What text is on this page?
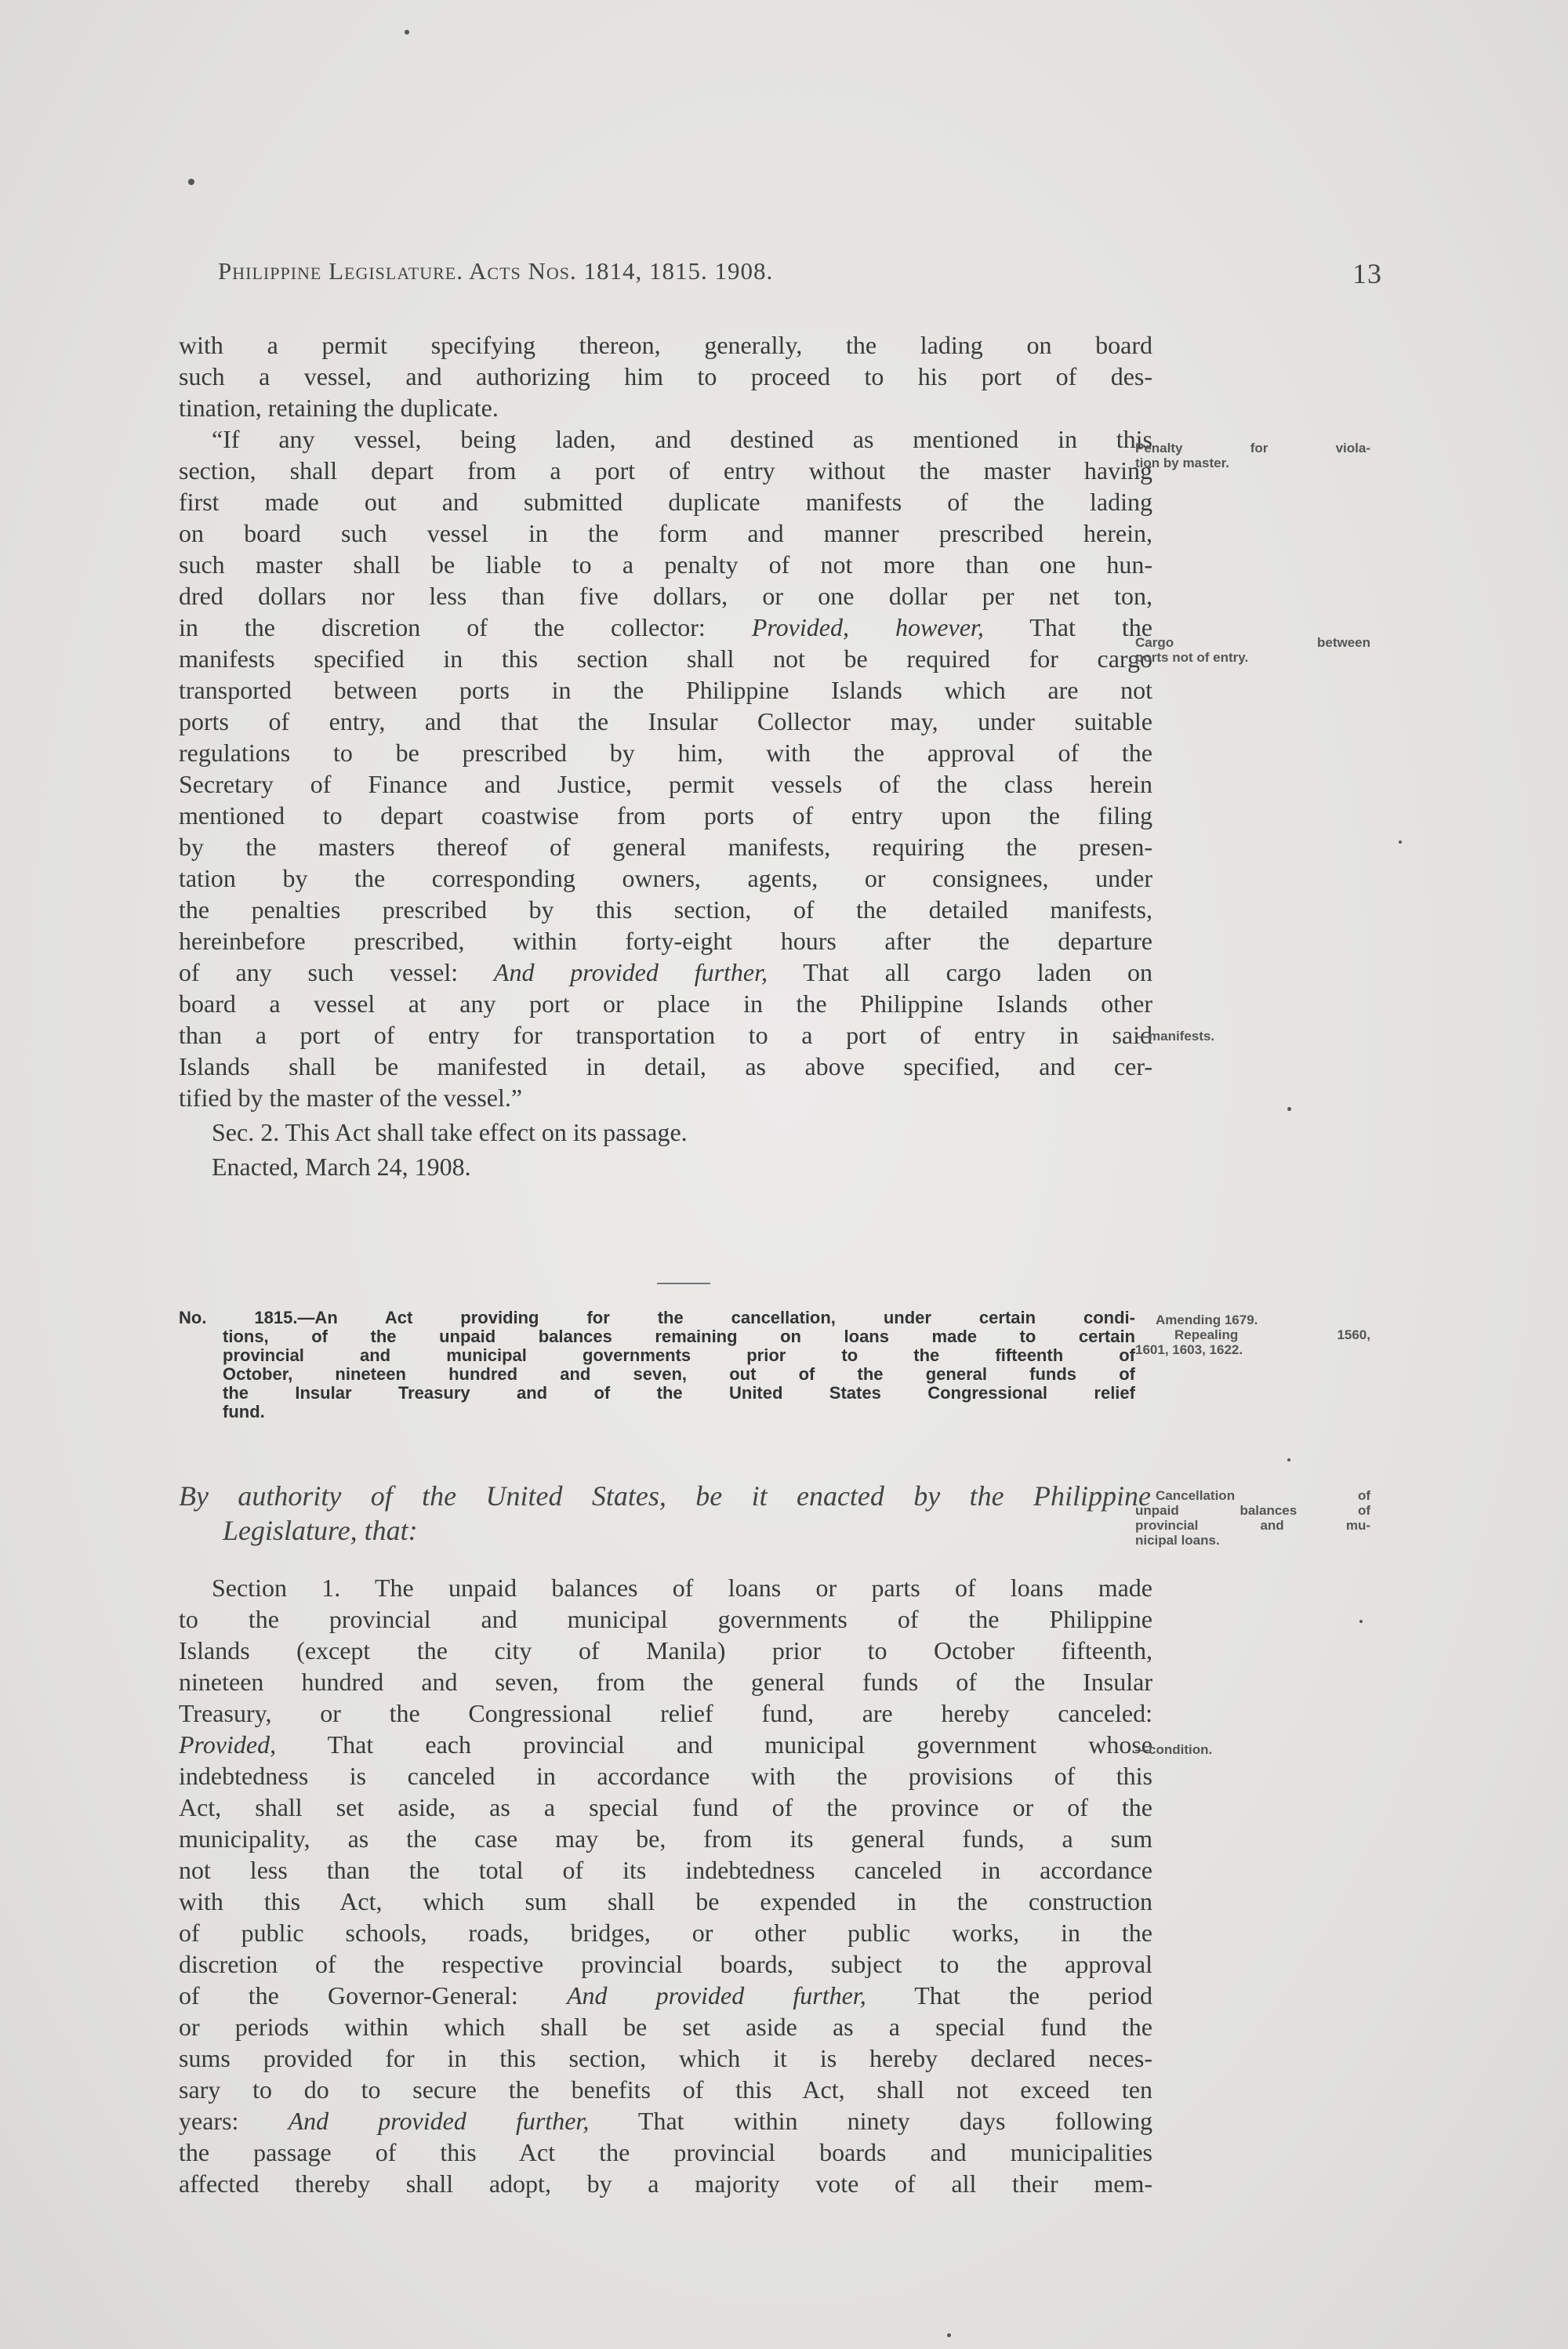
Philippine Legislature. Acts Nos. 1814, 1815. 1908.	13
with a permit specifying thereon, generally, the lading on board
such a vessel, and authorizing him to proceed to his port of des-
tination, retaining the duplicate.
“If any vessel, being laden, and destined as mentioned in this
section, shall depart from a port of entry without the master having
first made out and submitted duplicate manifests of the lading
on board such vessel in the form and manner prescribed herein,
such master shall be liable to a penalty of not more than one hun-
dred dollars nor less than five dollars, or one dollar per net ton,
in the discretion of the collector: Provided, however, That the
manifests specified in this section shall not be required for cargo
transported between ports in the Philippine Islands which are not
ports of entry, and that the Insular Collector may, under suitable
regulations to be prescribed by him, with the approval of the
Secretary of Finance and Justice, permit vessels of the class herein
mentioned to depart coastwise from ports of entry upon the filing
by the masters thereof of general manifests, requiring the presen-
tation by the corresponding owners, agents, or consignees, under
the penalties prescribed by this section, of the detailed manifests,
hereinbefore prescribed, within forty-eight hours after the departure
of any such vessel: And provided further, That all cargo laden on
board a vessel at any port or place in the Philippine Islands other
than a port of entry for transportation to a port of entry in said
Islands shall be manifested in detail, as above specified, and cer-
tified by the master of the vessel.”
Sec. 2. This Act shall take effect on its passage.
Enacted, March 24, 1908.
No. 1815.—An Act providing for the cancellation, under certain condi-
tions, of the unpaid balances remaining on loans made to certain
provincial and municipal governments prior to the fifteenth of
October, nineteen hundred and seven, out of the general funds of
the Insular Treasury and of the United States Congressional relief
fund.
By authority of the United States, be it enacted by the Philippine
Legislature, that:
Section 1. The unpaid balances of loans or parts of loans made
to the provincial and municipal governments of the Philippine
Islands (except the city of Manila) prior to October fifteenth,
nineteen hundred and seven, from the general funds of the Insular
Treasury, or the Congressional relief fund, are hereby canceled:
Provided, That each provincial and municipal government whose
indebtedness is canceled in accordance with the provisions of this
Act, shall set aside, as a special fund of the province or of the
municipality, as the case may be, from its general funds, a sum
not less than the total of its indebtedness canceled in accordance
with this Act, which sum shall be expended in the construction
of public schools, roads, bridges, or other public works, in the
discretion of the respective provincial boards, subject to the approval
of the Governor-General: And provided further, That the period
or periods within which shall be set aside as a special fund the
sums provided for in this section, which it is hereby declared neces-
sary to do to secure the benefits of this Act, shall not exceed ten
years: And provided further, That within ninety days following
the passage of this Act the provincial boards and municipalities
affected thereby shall adopt, by a majority vote of all their mem-
Penalty for viola-
tion by master.
Cargo between
ports not of entry.
—manifests.
Amending 1679.
Repealing 1560,
1601, 1603, 1622.
Cancellation of
unpaid balances of
provincial and mu-
nicipal loans.
—condition.
